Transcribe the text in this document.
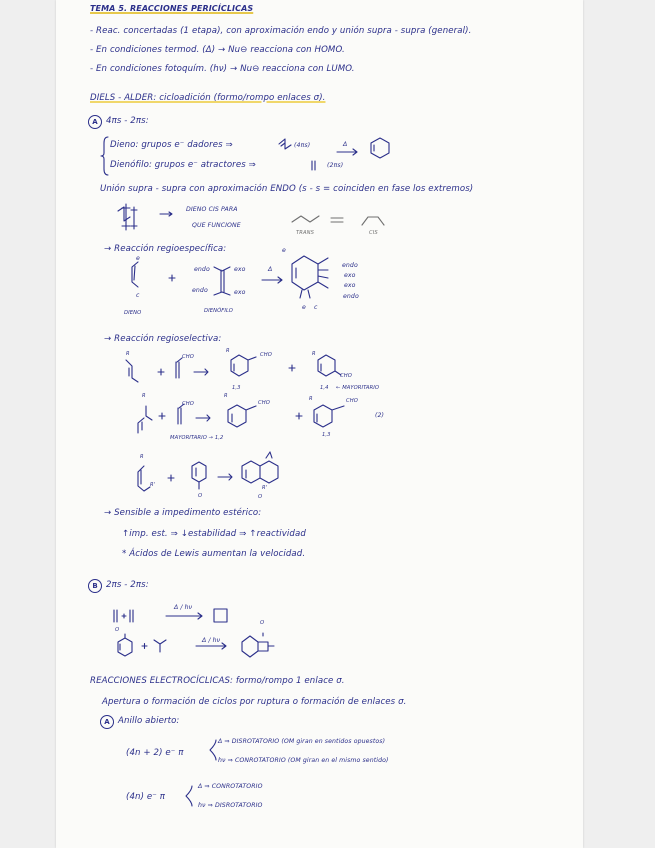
TEMA 5. REACCIONES PERICÍCLICAS
- Reac. concertadas (1 etapa), con aproximación endo y unión supra - supra (general).
- En condiciones termod. (Δ) → Nu⊖ reacciona con HOMO.
- En condiciones fotoquím. (hν) → Nu⊖ reacciona con LUMO.
DIELS - ALDER: cicloadición (formo/rompo enlaces σ).
A 4πs - 2πs:
Dieno: grupos e⁻ dadores ⇒	(4πs)
Dienófilo: grupos e⁻ atractores ⇒	(2πs)
Δ
Unión supra - supra con aproximación ENDO (s - s = coinciden en fase los extremos)
DIENO CIS PARA
QUE FUNCIONE
TRANS	CIS
→ Reacción regioespecífica:
e
c
endo	exo
endo	exo
DIENO	DIENÓFILO
endo
exo
exo
endo
e
e c
Δ
→ Reacción regioselectiva:
R	CHO
R
CHO
1,3
R
CHO
1,4 ← MAYORITARIO
R
CHO
R
CHO
MAYORITARIO → 1,2
R	CHO
1,3
(2)
R
R'
O	O
R'
→ Sensible a impedimento estérico:
↑imp. est. ⇒ ↓estabilidad ⇒ ↑reactividad
* Ácidos de Lewis aumentan la velocidad.
B 2πs - 2πs:
Δ / hν
Δ / hν
O
O
REACCIONES ELECTROCÍCLICAS: formo/rompo 1 enlace σ.
Apertura o formación de ciclos por ruptura o formación de enlaces σ.
A Anillo abierto:
(4n + 2) e⁻ π
Δ ⇒ DISROTATORIO (OM giran en sentidos opuestos)
hν ⇒ CONROTATORIO (OM giran en el mismo sentido)
(4n) e⁻ π
Δ ⇒ CONROTATORIO
hν ⇒ DISROTATORIO
